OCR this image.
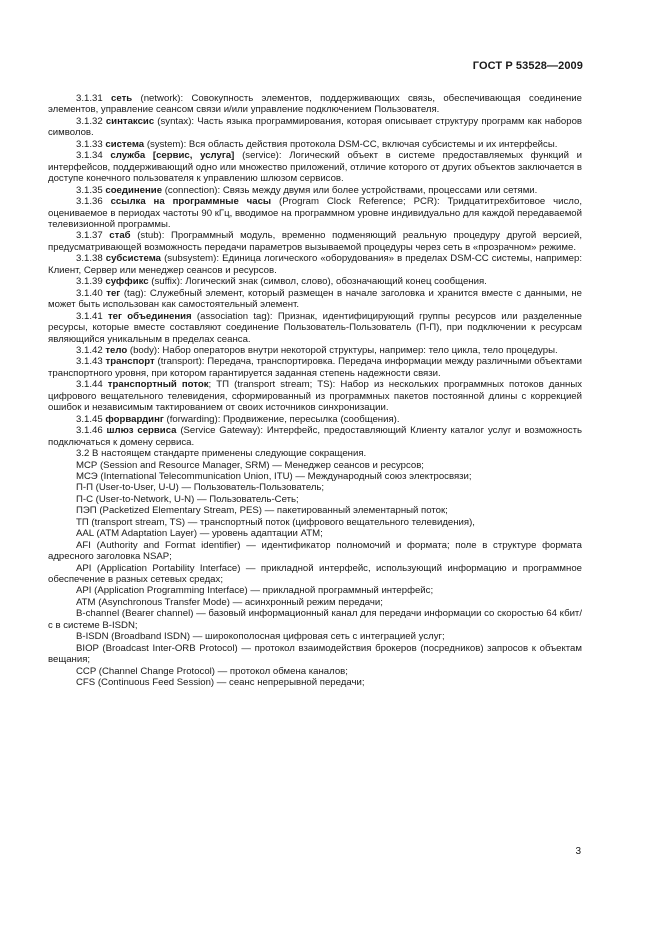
ГОСТ Р 53528—2009

3.1.31 сеть (network): Совокупность элементов, поддерживающих связь, обеспечивающая соединение элементов, управление сеансом связи и/или управление подключением Пользователя.

3.1.32 синтаксис (syntax): Часть языка программирования, которая описывает структуру программ как наборов символов.

3.1.33 система (system): Вся область действия протокола DSM-CC, включая субсистемы и их интерфейсы.

3.1.34 служба [сервис, услуга] (service): Логический объект в системе предоставляемых функций и интерфейсов, поддерживающий одно или множество приложений, отличие которого от других объектов заключается в доступе конечного пользователя к управлению шлюзом сервисов.

3.1.35 соединение (connection): Связь между двумя или более устройствами, процессами или сетями.

3.1.36 ссылка на программные часы (Program Clock Reference; PCR): Тридцатитрехбитовое число, оцениваемое в периодах частоты 90 кГц, вводимое на программном уровне индивидуально для каждой передаваемой телевизионной программы.

3.1.37 стаб (stub): Программный модуль, временно подменяющий реальную процедуру другой версией, предусматривающей возможность передачи параметров вызываемой процедуры через сеть в «прозрачном» режиме.

3.1.38 субсистема (subsystem): Единица логического «оборудования» в пределах DSM-CC системы, например: Клиент, Сервер или менеджер сеансов и ресурсов.

3.1.39 суффикс (suffix): Логический знак (символ, слово), обозначающий конец сообщения.

3.1.40 тег (tag): Служебный элемент, который размещен в начале заголовка и хранится вместе с данными, не может быть использован как самостоятельный элемент.

3.1.41 тег объединения (association tag): Признак, идентифицирующий группы ресурсов или разделенные ресурсы, которые вместе составляют соединение Пользователь-Пользователь (П-П), при подключении к ресурсам являющийся уникальным в пределах сеанса.

3.1.42 тело (body): Набор операторов внутри некоторой структуры, например: тело цикла, тело процедуры.

3.1.43 транспорт (transport): Передача, транспортировка. Передача информации между различными объектами транспортного уровня, при котором гарантируется заданная степень надежности связи.

3.1.44 транспортный поток; ТП (transport stream; TS): Набор из нескольких программных потоков данных цифрового вещательного телевидения, сформированный из программных пакетов постоянной длины с коррекцией ошибок и независимым тактированием от своих источников синхронизации.

3.1.45 форвардинг (forwarding): Продвижение, пересылка (сообщения).

3.1.46 шлюз сервиса (Service Gateway): Интерфейс, предоставляющий Клиенту каталог услуг и возможность подключаться к домену сервиса.

3.2 В настоящем стандарте применены следующие сокращения.

МСР (Session and Resource Manager, SRM) — Менеджер сеансов и ресурсов;

МСЭ (International Telecommunication Union, ITU) — Международный союз электросвязи;

П-П (User-to-User, U-U) — Пользователь-Пользователь;

П-С (User-to-Network, U-N) — Пользователь-Сеть;

ПЭП (Packetized Elementary Stream, PES) — пакетированный элементарный поток;

ТП (transport stream, TS) — транспортный поток (цифрового вещательного телевидения),

AAL (ATM Adaptation Layer) — уровень адаптации АТМ;

AFI (Authority and Format identifier) — идентификатор полномочий и формата; поле в структуре формата адресного заголовка NSAP;

API (Application Portability Interface) — прикладной интерфейс, использующий информацию и программное обеспечение в разных сетевых средах;

API (Application Programming Interface) — прикладной программный интерфейс;

ATM (Asynchronous Transfer Mode) — асинхронный режим передачи;

B-channel (Bearer channel) — базовый информационный канал для передачи информации со скоростью 64 кбит/с в системе B-ISDN;

B-ISDN (Broadband ISDN) — широкополосная цифровая сеть с интеграцией услуг;

BIOP (Broadcast Inter-ORB Protocol) — протокол взаимодействия брокеров (посредников) запросов к объектам вещания;

CCP (Channel Change Protocol) — протокол обмена каналов;

CFS (Continuous Feed Session) — сеанс непрерывной передачи;

3
